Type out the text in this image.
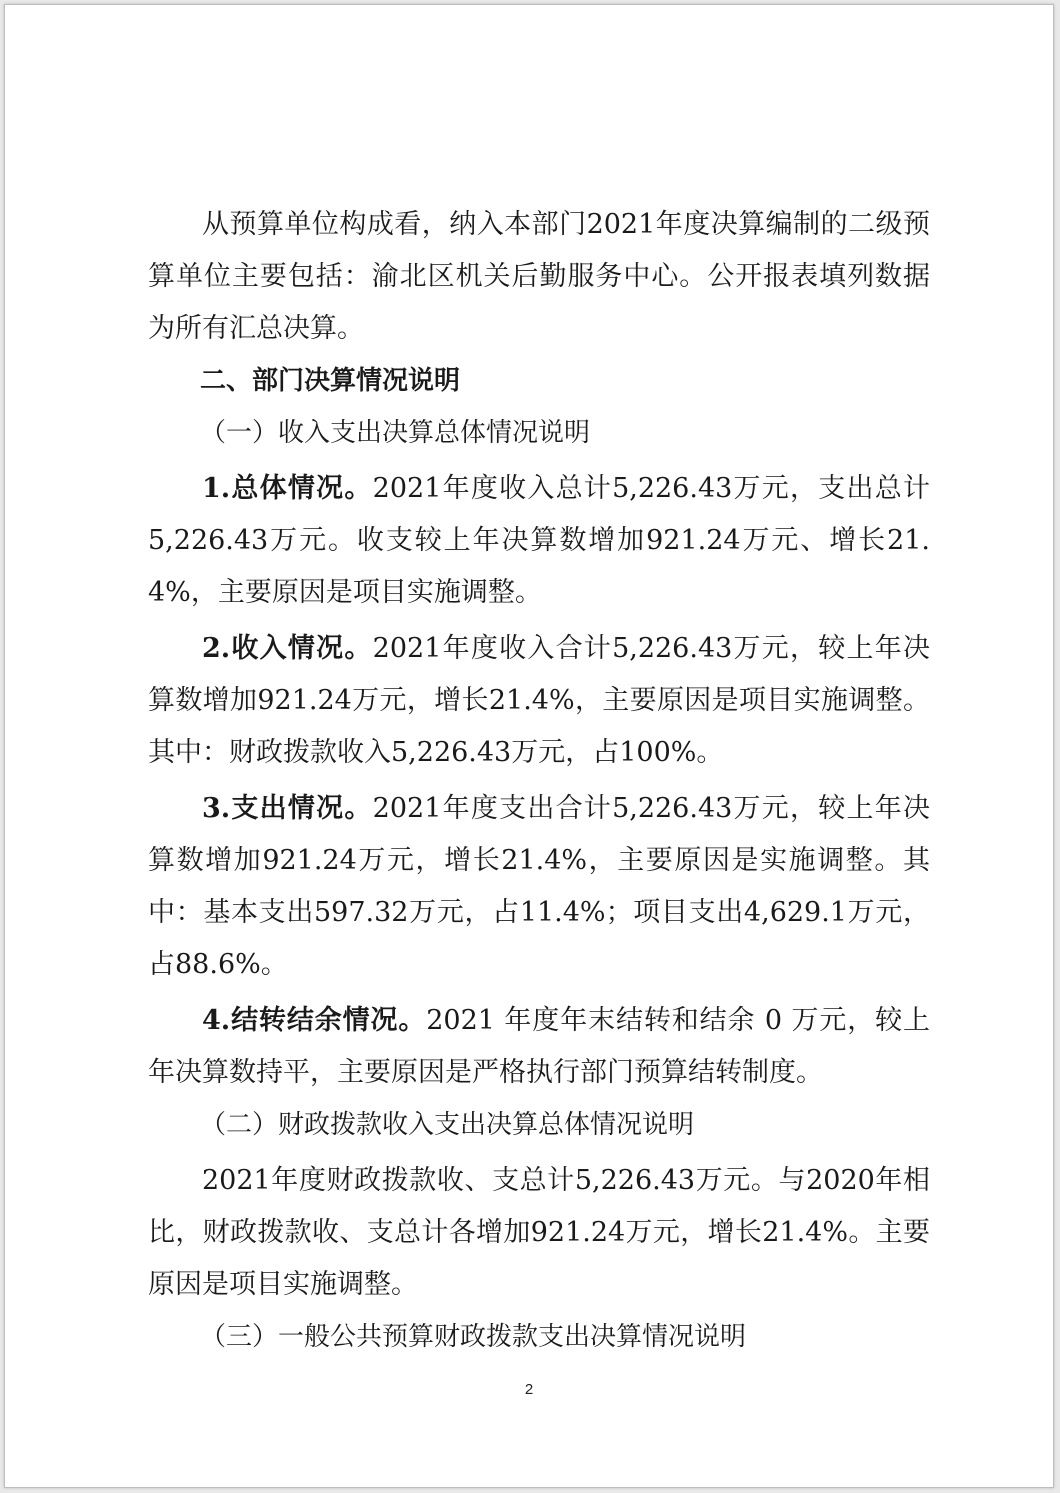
从预算单位构成看，纳入本部门2021年度决算编制的二级预算单位主要包括：渝北区机关后勤服务中心。公开报表填列数据为所有汇总决算。

二、部门决算情况说明

（一）收入支出决算总体情况说明

1.总体情况。2021年度收入总计5,226.43万元，支出总计5,226.43万元。收支较上年决算数增加921.24万元、增长21.4%，主要原因是项目实施调整。

2.收入情况。2021年度收入合计5,226.43万元，较上年决算数增加921.24万元，增长21.4%，主要原因是项目实施调整。其中：财政拨款收入5,226.43万元，占100%。

3.支出情况。2021年度支出合计5,226.43万元，较上年决算数增加921.24万元，增长21.4%，主要原因是实施调整。其中：基本支出597.32万元，占11.4%；项目支出4,629.1万元，占88.6%。

4.结转结余情况。2021 年度年末结转和结余 0 万元，较上年决算数持平，主要原因是严格执行部门预算结转制度。

（二）财政拨款收入支出决算总体情况说明

2021年度财政拨款收、支总计5,226.43万元。与2020年相比，财政拨款收、支总计各增加921.24万元，增长21.4%。主要原因是项目实施调整。

（三）一般公共预算财政拨款支出决算情况说明

2
